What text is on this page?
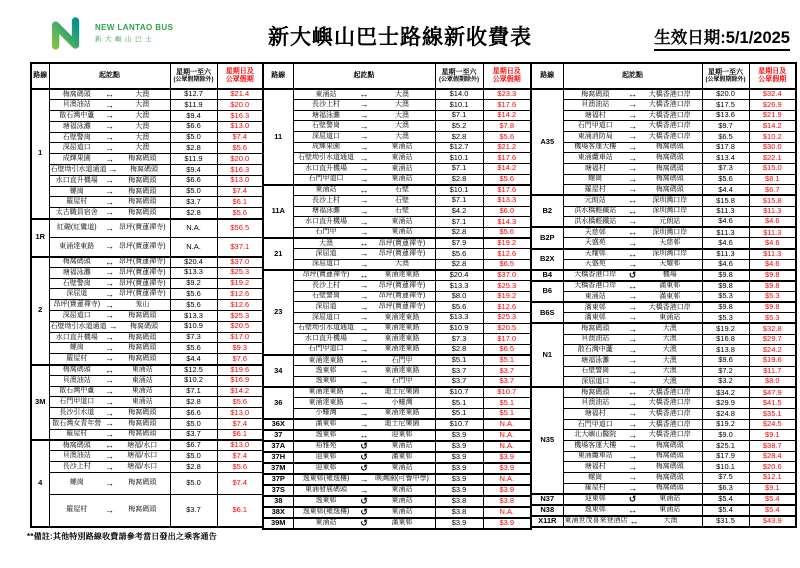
NEW LANTAO BUS
新大嶼山巴士	新大嶼山巴士路線新收費表	生效日期:5/1/2025
路線	起訖點	星期一至六
(公眾假期除外)

星期日及
公眾假期

1	梅窩碼頭 ↔ 大澳	$12.7	$21.4

	貝澳油站 → 大澳	$11.9	$20.0

	散石灣中蘆 → 大澳	$9.4	$16.3

	塘福泳灘 → 大澳	$6.6	$13.0

	石壁警崗 → 大澳	$5.0	$7.4

	深屈道口 → 大澳	$2.8	$5.6

	成輝果園 → 梅窩碼頭	$11.9	$20.0

	石壁坳引水道通道 → 梅窩碼頭	$9.4	$16.3

	水口直升機場 → 梅窩碼頭	$6.6	$13.0

	螺崗 → 梅窩碼頭	$5.0	$7.4

	羅屋村 → 梅窩碼頭	$3.7	$6.1

	太古職員宿舍 → 梅窩碼頭	$2.8	$5.6
1R	紅磡(紅鸞道) → 昂坪(寶蓮禪寺)	N.A.	$56.5

	東涌達東路 → 昂坪(寶蓮禪寺)	N.A.	$37.1
2	梅窩碼頭 ↔ 昂坪(寶蓮禪寺)	$20.4	$37.0

	塘福泳灘 → 昂坪(寶蓮禪寺)	$13.3	$25.3

	石壁警崗 → 昂坪(寶蓮禪寺)	$9.2	$19.2

	深屈道 → 昂坪(寶蓮禪寺)	$5.6	$12.6

	昂坪(寶蓮禪寺) → 羗山	$5.6	$12.6

	深屈道口 → 梅窩碼頭	$13.3	$25.3

	石壁坳引水道通道 → 梅窩碼頭	$10.9	$20.5

	水口直升機場 → 梅窩碼頭	$7.3	$17.0

	螺崗 → 梅窩碼頭	$5.6	$9.3

	羅屋村 → 梅窩碼頭	$4.4	$7.6
3M	梅窩碼頭 ↔ 東涌站	$12.5	$19.6

	貝澳油站 → 東涌站	$10.2	$16.9

	散石灣中蘆 → 東涌站	$7.1	$14.2

	石門甲道口 → 東涌站	$2.8	$5.6

	長沙引水道 → 梅窩碼頭	$6.6	$13.0

	散石灣女青年營 → 梅窩碼頭	$5.0	$7.4

	羅屋村 → 梅窩碼頭	$3.7	$6.1
4	梅窩碼頭 ↔ 塘福/水口	$6.7	$13.0

	貝澳油站 → 塘福/水口	$5.0	$7.4

	長沙上村 → 塘福/水口	$2.8	$5.6

	螺崗 → 梅窩碼頭	$5.0	$7.4

	羅屋村 → 梅窩碼頭	$3.7	$6.1
路線	起訖點	星期一至六
(公眾假期除外)

星期日及
公眾假期

11	東涌站 ↔ 大澳	$14.0	$23.3

	長沙上村 → 大澳	$10.1	$17.6

	塘福泳灘 → 大澳	$7.1	$14.2

	石壁警崗 → 大澳	$5.2	$7.8

	深屈道口 → 大澳	$2.8	$5.6

	成輝果園 → 東涌站	$12.7	$21.2

	石壁坳引水道通道 → 東涌站	$10.1	$17.6

	水口直升機場 → 東涌站	$7.1	$14.2

	石門甲道口 → 東涌站	$2.8	$5.6
11A	東涌站 ↔ 石壁	$10.1	$17.6

	長沙上村 → 石壁	$7.1	$13.3

	塘福泳灘 → 石壁	$4.2	$6.0

	水口直升機場 → 東涌站	$7.1	$14.3

	石門甲 → 東涌站	$2.8	$5.6
21	大澳 ↔ 昂坪(寶蓮禪寺)	$7.9	$19.2

	深屈道 → 昂坪(寶蓮禪寺)	$5.6	$12.6

	深屈道口 → 大澳	$2.8	$6.5
23	昂坪(寶蓮禪寺) ↔ 東涌達東路	$20.4	$37.0

	長沙上村 → 昂坪(寶蓮禪寺)	$13.3	$25.3

	石壁警崗 → 昂坪(寶蓮禪寺)	$8.0	$19.2

	深屈道 → 昂坪(寶蓮禪寺)	$5.6	$12.6

	深屈道口 → 東涌達東路	$13.3	$25.3

	石壁坳引水道通道 → 東涌達東路	$10.9	$20.5

	水口直升機場 → 東涌達東路	$7.3	$17.0

	石門甲道口 → 東涌達東路	$2.8	$6.5
34	東涌達東路 ↔ 石門甲	$5.1	$5.1

	逸東邨 → 東涌達東路	$3.7	$3.7

	逸東邨 → 石門甲	$3.7	$3.7
36	東涌達東路 ↔ 迪士尼樂園	$10.7	$10.7

	東涌達東路 → 小蠔灣	$5.1	$5.1

	小蠔灣 → 東涌達東路	$5.1	$5.1
36X	滿東邨 → 迪士尼樂園	$10.7	N.A.
37	逸東邨 ↔ 迎東邨	$3.9	N.A.
37A	裕雅苑 ↺ 東涌站	$3.9	N.A.
37H	迎東邨 ↺ 滿東邨	$3.9	$3.9
37M	迎東邨 ↺ 東涌站	$3.9	$3.9
37P	逸東邨(雍逸樓) → 映灣園(可譽中學)	$3.9	N.A.
37S	東涌發展碼頭 → 東涌站	$3.9	$3.9
38	逸東邨 ↺ 東涌站	$3.8	$3.8
38X	逸東邨(雍逸樓) ↺ 東涌站	$3.8	N.A.
39M	東涌站 ↺ 滿東邨	$3.9	$3.9
路線	起訖點	星期一至六
(公眾假期除外)

星期日及
公眾假期

A35	梅窩碼頭 ↔ 大橋香港口岸	$20.0	$32.4

	貝澳油站 → 大橋香港口岸	$17.5	$26.9

	塘福村 → 大橋香港口岸	$13.6	$21.9

	石門甲道口 → 大橋香港口岸	$9.7	$14.2

	東涌消防局 → 大橋香港口岸	$6.5	$10.2

	機場客運大樓 → 梅窩碼頭	$17.8	$30.0

	東涌纜車站 → 梅窩碼頭	$13.4	$22.1

	塘福村 → 梅窩碼頭	$7.3	$15.0

	螺崗 → 梅窩碼頭	$5.6	$8.1

	羅屋村 → 梅窩碼頭	$4.4	$6.7
B2	元朗站 ↔ 深圳灣口岸	$15.8	$15.8

	洪水橋輕鐵站 ↔ 深圳灣口岸	$11.3	$11.3

	洪水橋輕鐵站 → 元朗站	$4.6	$4.6
B2P	天慈邨 ↔ 深圳灣口岸	$11.3	$11.3

	天盛苑 → 天慈邨	$4.6	$4.6
B2X	天耀邨 ↔ 深圳灣口岸	$11.3	$11.3

	天盛苑 → 天耀邨	$4.6	$4.6
B4	大橋香港口岸 ↺ 機場	$9.8	$9.8
B6	大橋香港口岸 ↔ 滿東邨	$9.8	$9.8

	東涌站 → 滿東邨	$5.3	$5.3
B6S	滿東邨 → 大橋香港口岸	$9.8	$9.8

	滿東邨 → 東涌站	$5.3	$5.3
N1	梅窩碼頭 → 大澳	$19.2	$32.8

	貝澳油站 → 大澳	$16.8	$29.7

	散石灣中蘆 → 大澳	$13.8	$24.2

	塘福泳灘 → 大澳	$9.6	$19.6

	石壁警崗 → 大澳	$7.2	$11.7

	深屈道口 → 大澳	$3.2	$8.0
N35	梅窩碼頭 ↔ 大橋香港口岸	$34.2	$47.9

	貝澳油站 → 大橋香港口岸	$29.9	$41.5

	塘福村 → 大橋香港口岸	$24.8	$35.1

	石門甲道口 → 大橋香港口岸	$19.2	$24.5

	北大嶼山醫院 → 大橋香港口岸	$9.0	$9.1

	機場客運大樓 → 梅窩碼頭	$25.1	$38.7

	東涌纜車站 → 梅窩碼頭	$17.9	$28.4

	塘福村 → 梅窩碼頭	$10.1	$20.6

	螺崗 → 梅窩碼頭	$7.5	$12.1

	羅屋村 → 梅窩碼頭	$6.3	$9.1
N37	迎東邨 ↺ 東涌站	$5.4	$5.4
N38	逸東邨 ↔ 東涌站	$5.4	$5.4
X11R	東涌世茂喜來登酒店 ↔ 大澳	$31.5	$43.9
**備註:其他特別路線收費請參考當日發出之乘客通告
